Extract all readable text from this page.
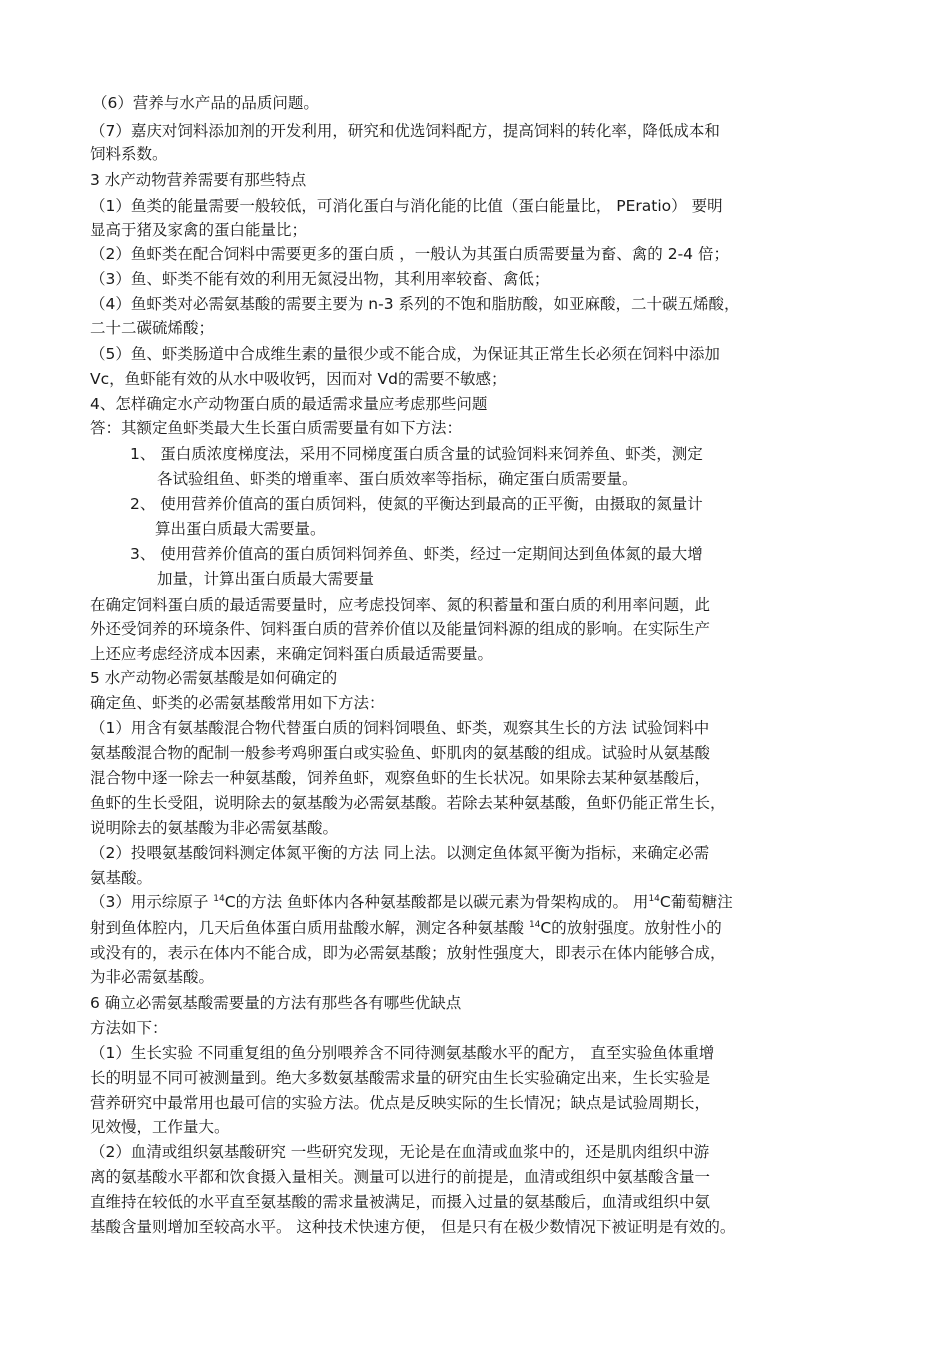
（6）营养与水产品的品质问题。
（7）嘉庆对饲料添加剂的开发利用，研究和优选饲料配方，提高饲料的转化率，降低成本和
饲料系数。
3 水产动物营养需要有那些特点
（1）鱼类的能量需要一般较低，可消化蛋白与消化能的比值（蛋白能量比， PEratio） 要明
显高于猪及家禽的蛋白能量比；
（2）鱼虾类在配合饲料中需要更多的蛋白质 ，一般认为其蛋白质需要量为畜、禽的 2-4 倍；
（3）鱼、虾类不能有效的利用无氮浸出物，其利用率较畜、禽低；
（4）鱼虾类对必需氨基酸的需要主要为 n-3 系列的不饱和脂肪酸，如亚麻酸，二十碳五烯酸，
二十二碳硫烯酸；
（5）鱼、虾类肠道中合成维生素的量很少或不能合成，为保证其正常生长必须在饲料中添加
Vc，鱼虾能有效的从水中吸收钙，因而对 Vd的需要不敏感；
4、怎样确定水产动物蛋白质的最适需求量应考虑那些问题
答：其额定鱼虾类最大生长蛋白质需要量有如下方法：
1、 蛋白质浓度梯度法，采用不同梯度蛋白质含量的试验饲料来饲养鱼、虾类，测定
各试验组鱼、虾类的增重率、蛋白质效率等指标，确定蛋白质需要量。
2、 使用营养价值高的蛋白质饲料，使氮的平衡达到最高的正平衡，由摄取的氮量计
算出蛋白质最大需要量。
3、 使用营养价值高的蛋白质饲料饲养鱼、虾类，经过一定期间达到鱼体氮的最大增
加量，计算出蛋白质最大需要量
在确定饲料蛋白质的最适需要量时，应考虑投饲率、氮的积蓄量和蛋白质的利用率问题，此
外还受饲养的环境条件、饲料蛋白质的营养价值以及能量饲料源的组成的影响。在实际生产
上还应考虑经济成本因素，来确定饲料蛋白质最适需要量。
5 水产动物必需氨基酸是如何确定的
确定鱼、虾类的必需氨基酸常用如下方法：
（1）用含有氨基酸混合物代替蛋白质的饲料饲喂鱼、虾类，观察其生长的方法 试验饲料中
氨基酸混合物的配制一般参考鸡卵蛋白或实验鱼、虾肌肉的氨基酸的组成。试验时从氨基酸
混合物中逐一除去一种氨基酸，饲养鱼虾，观察鱼虾的生长状况。如果除去某种氨基酸后，
鱼虾的生长受阻，说明除去的氨基酸为必需氨基酸。若除去某种氨基酸，鱼虾仍能正常生长，
说明除去的氨基酸为非必需氨基酸。
（2）投喂氨基酸饲料测定体氮平衡的方法 同上法。以测定鱼体氮平衡为指标，来确定必需
氨基酸。
（3）用示综原子 $^{14}$C的方法 鱼虾体内各种氨基酸都是以碳元素为骨架构成的。 用$^{14}$C葡萄糖注
射到鱼体腔内，几天后鱼体蛋白质用盐酸水解，测定各种氨基酸 $^{14}$C的放射强度。放射性小的
或没有的，表示在体内不能合成，即为必需氨基酸；放射性强度大，即表示在体内能够合成，
为非必需氨基酸。
6 确立必需氨基酸需要量的方法有那些各有哪些优缺点
方法如下：
（1）生长实验 不同重复组的鱼分别喂养含不同待测氨基酸水平的配方， 直至实验鱼体重增
长的明显不同可被测量到。绝大多数氨基酸需求量的研究由生长实验确定出来，生长实验是
营养研究中最常用也最可信的实验方法。优点是反映实际的生长情况；缺点是试验周期长，
见效慢，工作量大。
（2）血清或组织氨基酸研究 一些研究发现，无论是在血清或血浆中的，还是肌肉组织中游
离的氨基酸水平都和饮食摄入量相关。测量可以进行的前提是，血清或组织中氨基酸含量一
直维持在较低的水平直至氨基酸的需求量被满足，而摄入过量的氨基酸后，血清或组织中氨
基酸含量则增加至较高水平。 这种技术快速方便， 但是只有在极少数情况下被证明是有效的。
